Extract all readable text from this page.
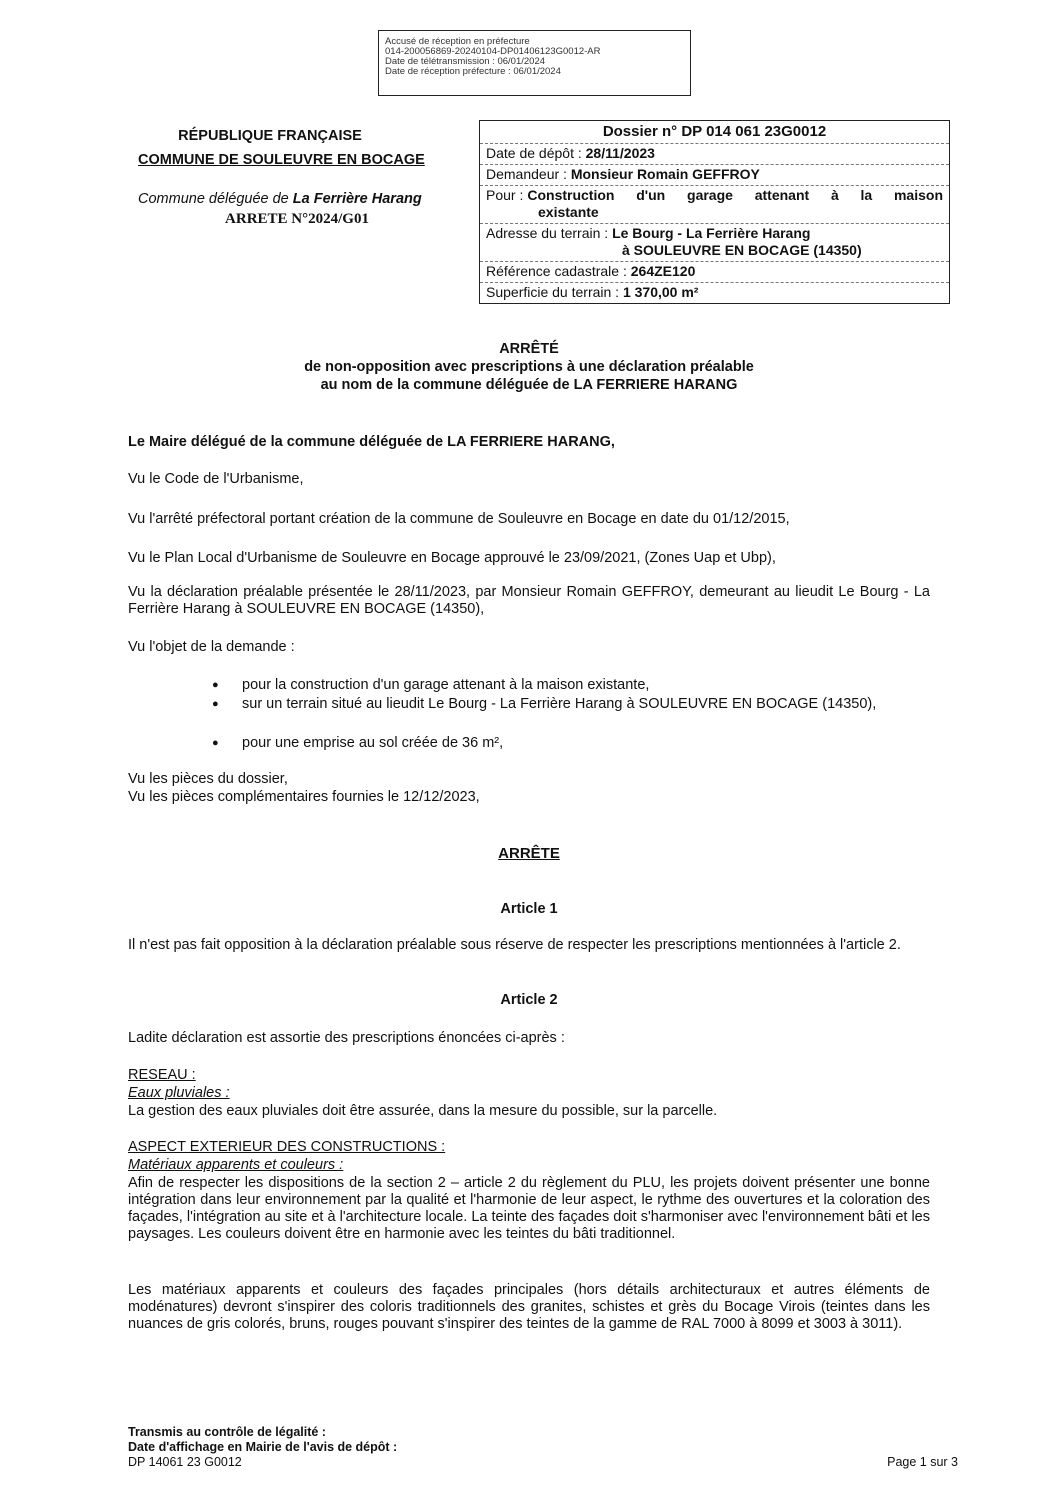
Accusé de réception en préfecture
014-200056869-20240104-DP01406123G0012-AR
Date de télétransmission : 06/01/2024
Date de réception préfecture : 06/01/2024
RÉPUBLIQUE FRANÇAISE
COMMUNE DE SOULEUVRE EN BOCAGE
Commune déléguée de La Ferrière Harang
ARRETE N°2024/G01
Dossier n° DP 014 061 23G0012
Date de dépôt : 28/11/2023
Demandeur : Monsieur Romain GEFFROY
Pour : Construction d'un garage attenant à la maison
existante
Adresse du terrain : Le Bourg - La Ferrière Harang
à SOULEUVRE EN BOCAGE (14350)
Référence cadastrale : 264ZE120
Superficie du terrain : 1 370,00 m²
ARRÊTÉ
de non-opposition avec prescriptions à une déclaration préalable
au nom de la commune déléguée de LA FERRIERE HARANG
Le Maire délégué de la commune déléguée de LA FERRIERE HARANG,
Vu le Code de l'Urbanisme,
Vu l'arrêté préfectoral portant création de la commune de Souleuvre en Bocage en date du 01/12/2015,
Vu le Plan Local d'Urbanisme de Souleuvre en Bocage approuvé le 23/09/2021, (Zones Uap et Ubp),
Vu la déclaration préalable présentée le 28/11/2023, par Monsieur Romain GEFFROY, demeurant au lieudit Le Bourg - La Ferrière Harang à SOULEUVRE EN BOCAGE (14350),
Vu l'objet de la demande :
● pour la construction d'un garage attenant à la maison existante,
● sur un terrain situé au lieudit Le Bourg - La Ferrière Harang à SOULEUVRE EN BOCAGE (14350),
● pour une emprise au sol créée de 36 m²,
Vu les pièces du dossier,
Vu les pièces complémentaires fournies le 12/12/2023,
ARRÊTE
Article 1
Il n'est pas fait opposition à la déclaration préalable sous réserve de respecter les prescriptions mentionnées à l'article 2.
Article 2
Ladite déclaration est assortie des prescriptions énoncées ci-après :
RESEAU :
Eaux pluviales :
La gestion des eaux pluviales doit être assurée, dans la mesure du possible, sur la parcelle.
ASPECT EXTERIEUR DES CONSTRUCTIONS :
Matériaux apparents et couleurs :
Afin de respecter les dispositions de la section 2 – article 2 du règlement du PLU, les projets doivent présenter une bonne intégration dans leur environnement par la qualité et l'harmonie de leur aspect, le rythme des ouvertures et la coloration des façades, l'intégration au site et à l'architecture locale. La teinte des façades doit s'harmoniser avec l'environnement bâti et les paysages. Les couleurs doivent être en harmonie avec les teintes du bâti traditionnel.
Les matériaux apparents et couleurs des façades principales (hors détails architecturaux et autres éléments de modénatures) devront s'inspirer des coloris traditionnels des granites, schistes et grès du Bocage Virois (teintes dans les nuances de gris colorés, bruns, rouges pouvant s'inspirer des teintes de la gamme de RAL 7000 à 8099 et 3003 à 3011).
Transmis au contrôle de légalité :
Date d'affichage en Mairie de l'avis de dépôt :
DP 14061 23 G0012	Page 1 sur 3
